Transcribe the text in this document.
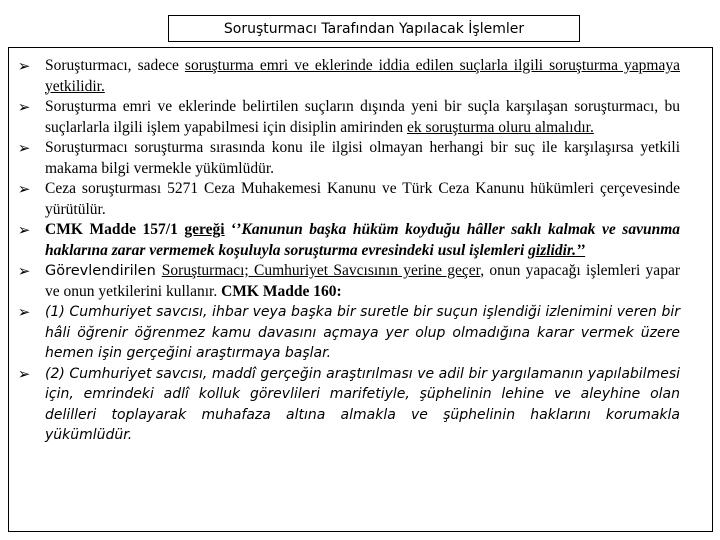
Soruşturmacı Tarafından Yapılacak İşlemler
➢ Soruşturmacı, sadece soruşturma emri ve eklerinde iddia edilen suçlarla ilgili soruşturma yapmaya yetkilidir.
➢ Soruşturma emri ve eklerinde belirtilen suçların dışında yeni bir suçla karşılaşan soruşturmacı, bu suçlarlarla ilgili işlem yapabilmesi için disiplin amirinden ek soruşturma oluru almalıdır.
➢ Soruşturmacı soruşturma sırasında konu ile ilgisi olmayan herhangi bir suç ile karşılaşırsa yetkili makama bilgi vermekle yükümlüdür.
➢ Ceza soruşturması 5271 Ceza Muhakemesi Kanunu ve Türk Ceza Kanunu hükümleri çerçevesinde yürütülür.
➢ CMK Madde 157/1 gereği ‘’Kanunun başka hüküm koyduğu hâller saklı kalmak ve savunma haklarına zarar vermemek koşuluyla soruşturma evresindeki usul işlemleri gizlidir.’’
➢	Görevlendirilen Soruşturmacı; Cumhuriyet Savcısının yerine geçer, onun yapacağı işlemleri yapar ve onun yetkilerini kullanır. CMK Madde 160:
➢	(1) Cumhuriyet savcısı, ihbar veya başka bir suretle bir suçun işlendiği izlenimini veren bir hâli öğrenir öğrenmez kamu davasını açmaya yer olup olmadığına karar vermek üzere hemen işin gerçeğini araştırmaya başlar.
➢	(2) Cumhuriyet savcısı, maddî gerçeğin araştırılması ve adil bir yargılamanın yapılabilmesi için, emrindeki adlî kolluk görevlileri marifetiyle, şüphelinin lehine ve aleyhine olan delilleri toplayarak muhafaza altına almakla ve şüphelinin haklarını korumakla yükümlüdür.
